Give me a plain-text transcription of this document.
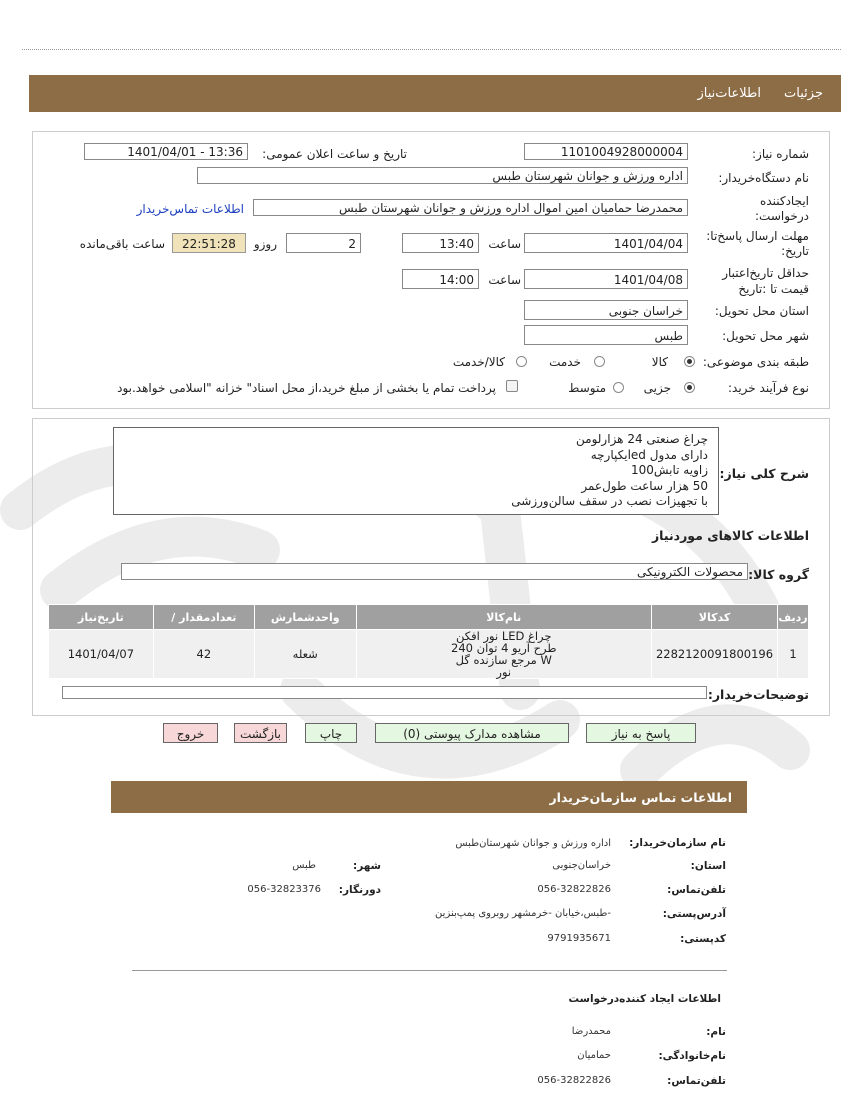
جزئیات اطلاعات‌نیاز
شماره نیاز:
1101004928000004
تاریخ و ساعت اعلان عمومی:
1401/04/01 - 13:36
نام دستگاه‌خریدار:
اداره ورزش و جوانان شهرستان طبس
ایجادکننده
درخواست:
محمدرضا حمامیان امین اموال اداره ورزش و جوانان شهرستان طبس
اطلاعات تماس‌خریدار
مهلت ارسال پاسخ‌تا:
تاریخ:
1401/04/04
ساعت
13:40
2
روزو
22:51:28
ساعت باقی‌مانده
حداقل تاریخ‌اعتبار
قیمت تا :تاریخ
1401/04/08
ساعت
14:00
استان محل تحویل:
خراسان جنوبی
شهر محل تحویل:
طبس
طبقه بندی موضوعی:
کالا
خدمت
کالا/خدمت
نوع فرآیند خرید:
جزیی
متوسط
پرداخت تمام یا بخشی از مبلغ خرید،از محل اسناد" خزانه "اسلامی خواهد.بود
چراغ صنعتی 24 هزارلومن
دارای مدول ledیکپارچه
زاویه تابش100
50 هزار ساعت طول‌عمر
با تجهیزات نصب در سقف سالن‌ورزشی
شرح کلی نیاز:
اطلاعات کالاهای موردنیاز
گروه کالا:
محصولات الکترونیکی
ردیف	کدکالا	نام‌کالا	واحدشمارش	تعدادمقدار /	تاریخ‌نیاز
1	2282120091800196	چراغ LED نور افکن طرح آریو 4 توان 240 W مرجع سازنده گل نور	شعله	42	1401/04/07
توضیحات‌خریدار:
پاسخ به نیاز
مشاهده مدارک پیوستی (0)
چاپ
بازگشت
خروج
اطلاعات تماس سازمان‌خریدار
نام سازمان‌خریدار:
اداره ورزش و جوانان شهرستان‌طبس
استان:
خراسان‌جنوبی
شهر:
طبس
تلفن‌تماس:
056-32822826
دورنگار:
056-32823376
آدرس‌پستی:
-طبس،خیابان -خرمشهر روبروی پمپ‌بنزین
کدپستی:
9791935671
اطلاعات ایجاد کننده‌درخواست
نام:
محمدرضا
نام‌خانوادگی:
حمامیان
تلفن‌تماس:
056-32822826
